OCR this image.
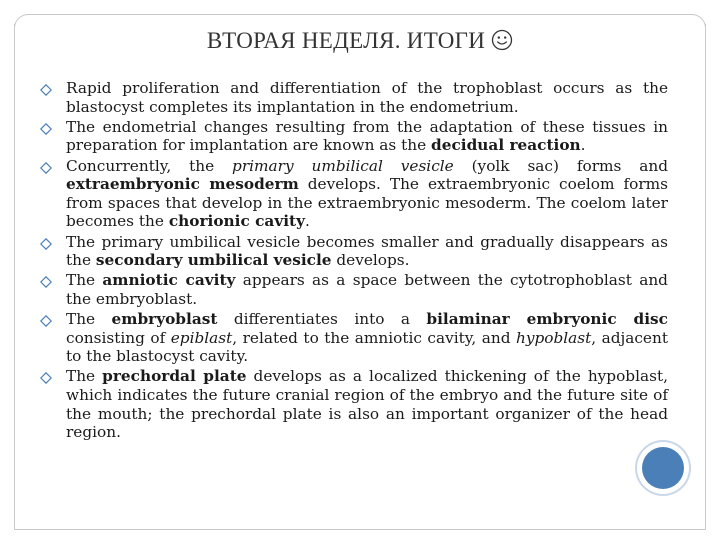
ВТОРАЯ НЕДЕЛЯ. ИТОГИ
Rapid proliferation and differentiation of the trophoblast occurs as the blastocyst completes its implantation in the endometrium.
The endometrial changes resulting from the adaptation of these tissues in preparation for implantation are known as the decidual reaction.
Concurrently, the primary umbilical vesicle (yolk sac) forms and extraembryonic mesoderm develops. The extraembryonic coelom forms from spaces that develop in the extraembryonic mesoderm. The coelom later becomes the chorionic cavity.
The primary umbilical vesicle becomes smaller and gradually disappears as the secondary umbilical vesicle develops.
The amniotic cavity appears as a space between the cytotrophoblast and the embryoblast.
The embryoblast differentiates into a bilaminar embryonic disc consisting of epiblast, related to the amniotic cavity, and hypoblast, adjacent to the blastocyst cavity.
The prechordal plate develops as a localized thickening of the hypoblast, which indicates the future cranial region of the embryo and the future site of the mouth; the prechordal plate is also an important organizer of the head region.
